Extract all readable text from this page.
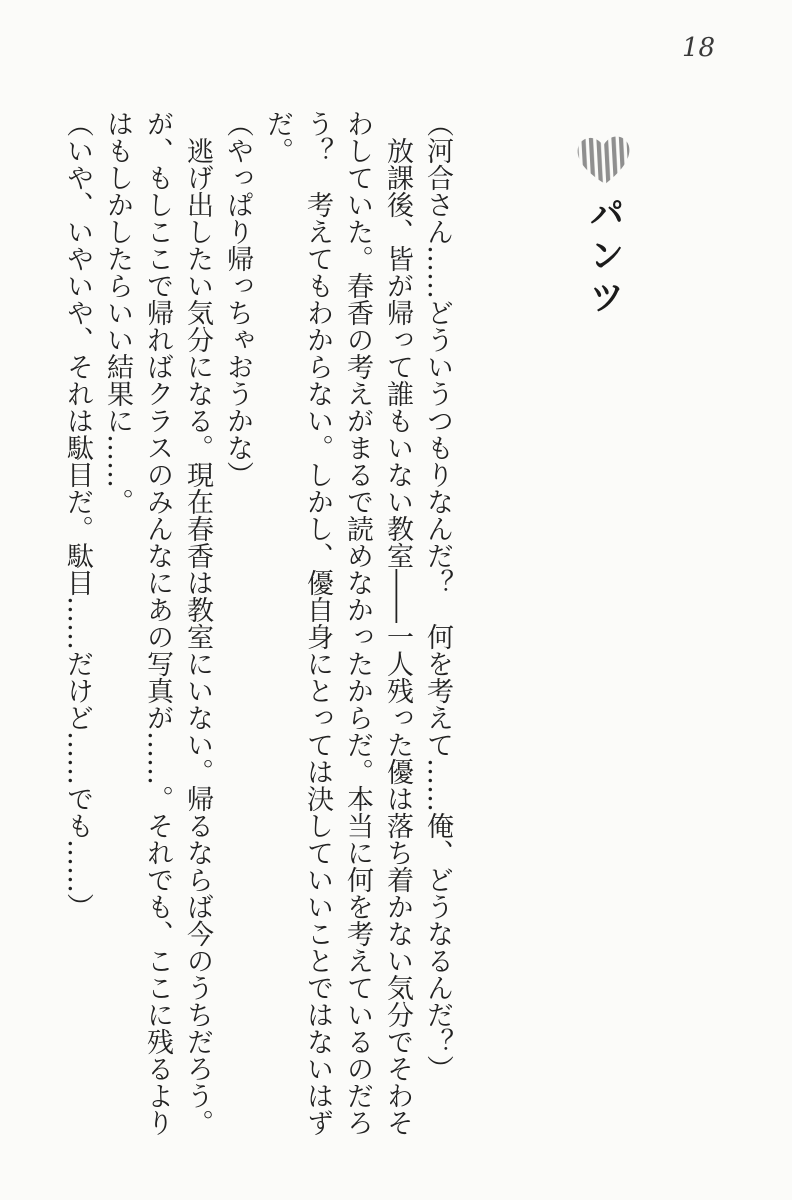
18
パンツ

（河合さん……どういうつもりなんだ？　何を考えて……俺、どうなるんだ？）

放課後、皆が帰って誰もいない教室――一人残った優は落ち着かない気分でそわそわしていた。春香の考えがまるで読めなかったからだ。本当に何を考えているのだろう？　考えてもわからない。しかし、優自身にとっては決していいことではないはずだ。

（やっぱり帰っちゃおうかな）

逃げ出したい気分になる。現在春香は教室にいない。帰るならば今のうちだろう。が、もしここで帰ればクラスのみんなにあの写真が……。それでも、ここに残るよりはもしかしたらいい結果に……。

（いや、いやいや、それは駄目だ。駄目……だけど……でも……）
